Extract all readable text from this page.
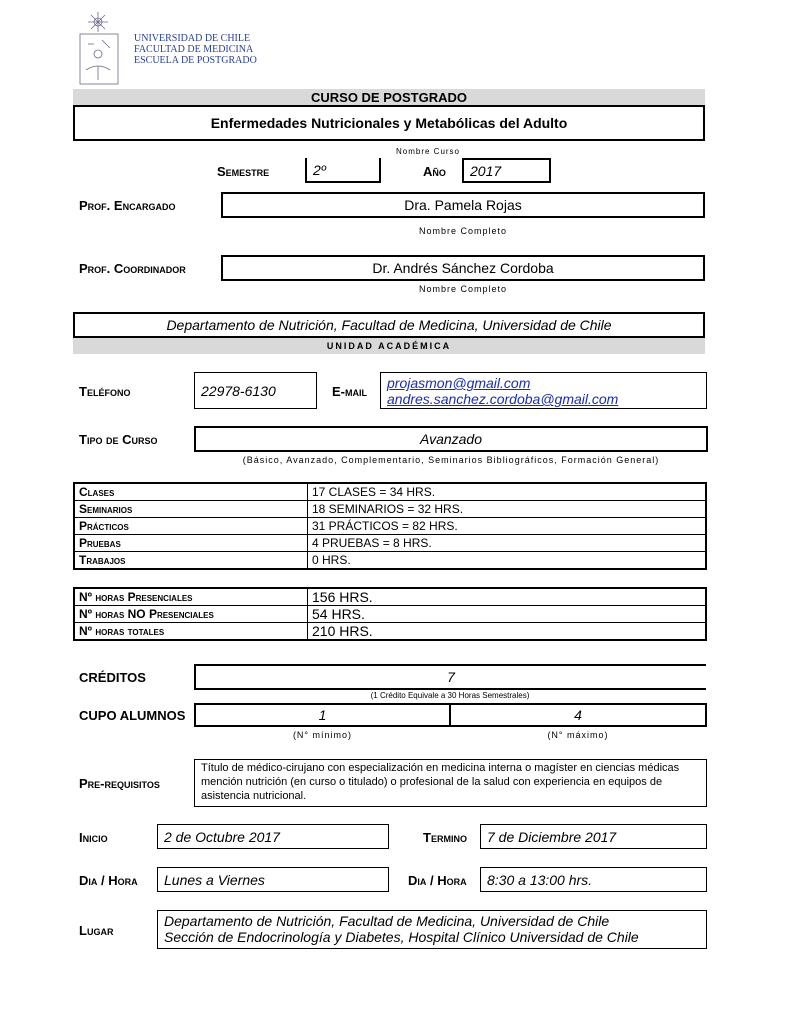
UNIVERSIDAD DE CHILE
FACULTAD DE MEDICINA
ESCUELA DE POSTGRADO
CURSO DE POSTGRADO
Enfermedades Nutricionales y Metabólicas del Adulto
Nombre Curso
Semestre	2º	Año 2017
Prof. Encargado	Dra. Pamela Rojas
Nombre Completo
Prof. Coordinador	Dr. Andrés Sánchez Cordoba
Nombre Completo
Departamento de Nutrición, Facultad de Medicina, Universidad de Chile
UNIDAD ACADÉMICA
Teléfono	22978-6130	E-mail
projasmon@gmail.com
andres.sanchez.cordoba@gmail.com
Tipo de Curso	Avanzado
(Básico, Avanzado, Complementario, Seminarios Bibliográficos, Formación General)
Clases	17 CLASES = 34 HRS.
Seminarios	18 SEMINARIOS = 32 HRS.
Prácticos	31 PRÁCTICOS = 82 HRS.
Pruebas	4 PRUEBAS = 8 HRS.
Trabajos	0 HRS.
Nº horas Presenciales	156 HRS.
Nº horas NO Presenciales	54 HRS.
Nº horas totales	210 HRS.
CRÉDITOS	7
(1 Crédito Equivale a 30 Horas Semestrales)
CUPO ALUMNOS	1	4
(N° mínimo)	(N° máximo)
Pre-requisitos
Título de médico-cirujano con especialización en medicina interna o magíster en ciencias médicas mención nutrición (en curso o titulado) o profesional de la salud con experiencia en equipos de asistencia nutricional.
Inicio	2 de Octubre 2017	Termino 7 de Diciembre 2017
Dia / Hora Lunes a Viernes	Dia / Hora 8:30 a 13:00 hrs.
Lugar
Departamento de Nutrición, Facultad de Medicina, Universidad de Chile
Sección de Endocrinología y Diabetes, Hospital Clínico Universidad de Chile
